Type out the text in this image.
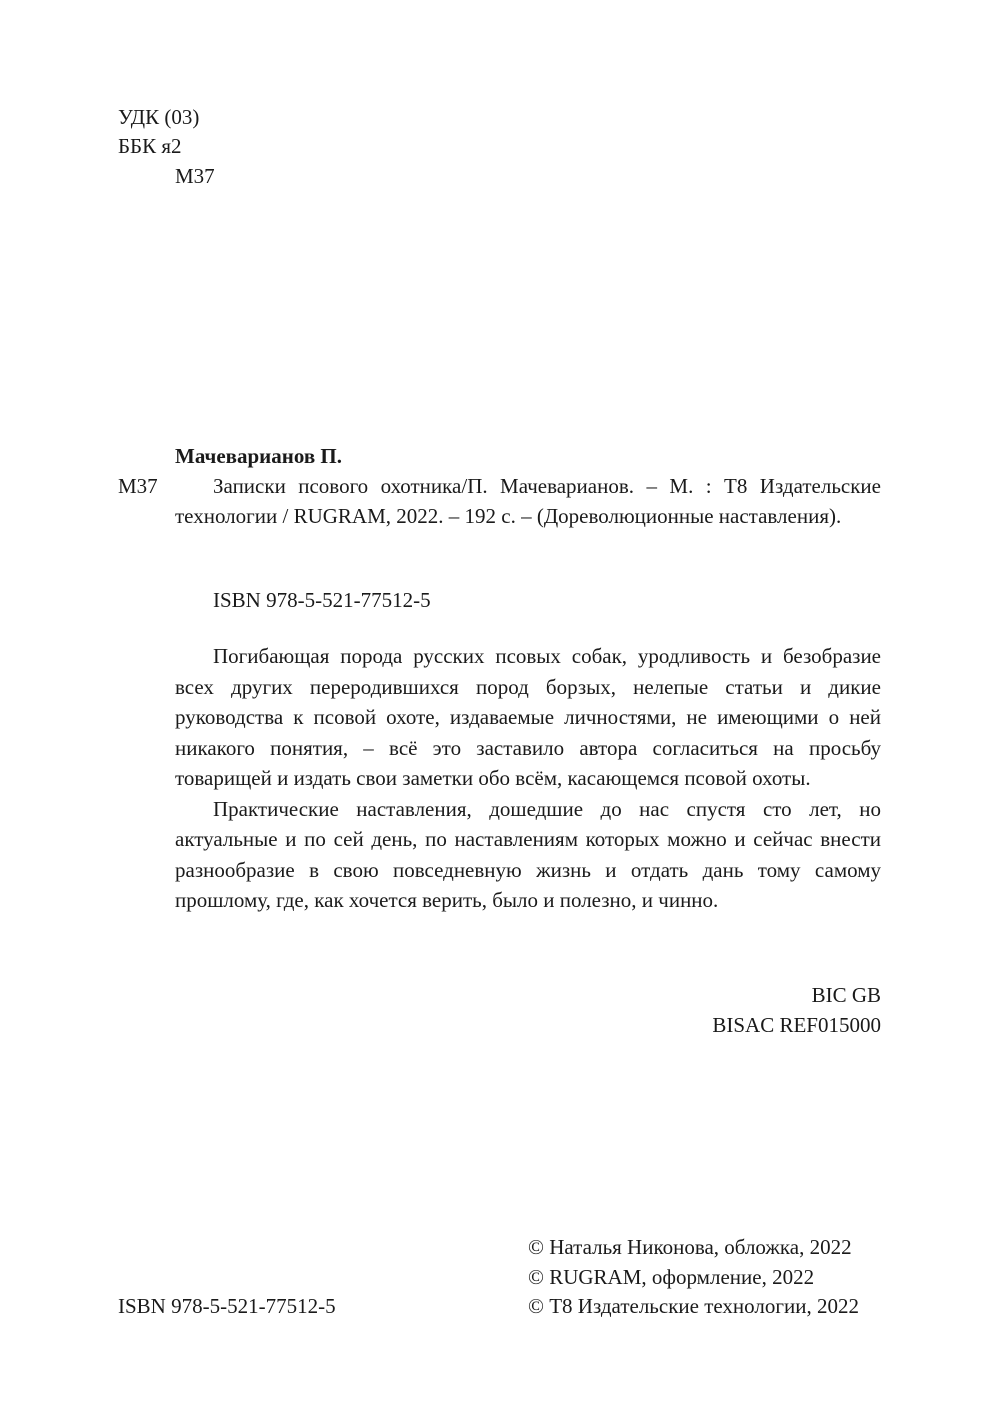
УДК (03)
ББК я2
М37
Мачеварианов П.
М37	Записки псового охотника/П. Мачеварианов. – М. : Т8 Издательские технологии / RUGRAM, 2022. – 192 с. – (Дореволюционные наставления).
ISBN 978-5-521-77512-5

Погибающая порода русских псовых собак, уродливость и безобразие всех других переродившихся пород борзых, нелепые статьи и дикие руководства к псовой охоте, издаваемые личностями, не имеющими о ней никакого понятия, – всё это заставило автора согласиться на просьбу товарищей и издать свои заметки обо всём, касающемся псовой охоты.

Практические наставления, дошедшие до нас спустя сто лет, но актуальные и по сей день, по наставлениям которых можно и сейчас внести разнообразие в свою повседневную жизнь и отдать дань тому самому прошлому, где, как хочется верить, было и полезно, и чинно.

BIC GB
BISAC REF015000
© Наталья Никонова, обложка, 2022
© RUGRAM, оформление, 2022
© Т8 Издательские технологии, 2022
ISBN 978-5-521-77512-5
